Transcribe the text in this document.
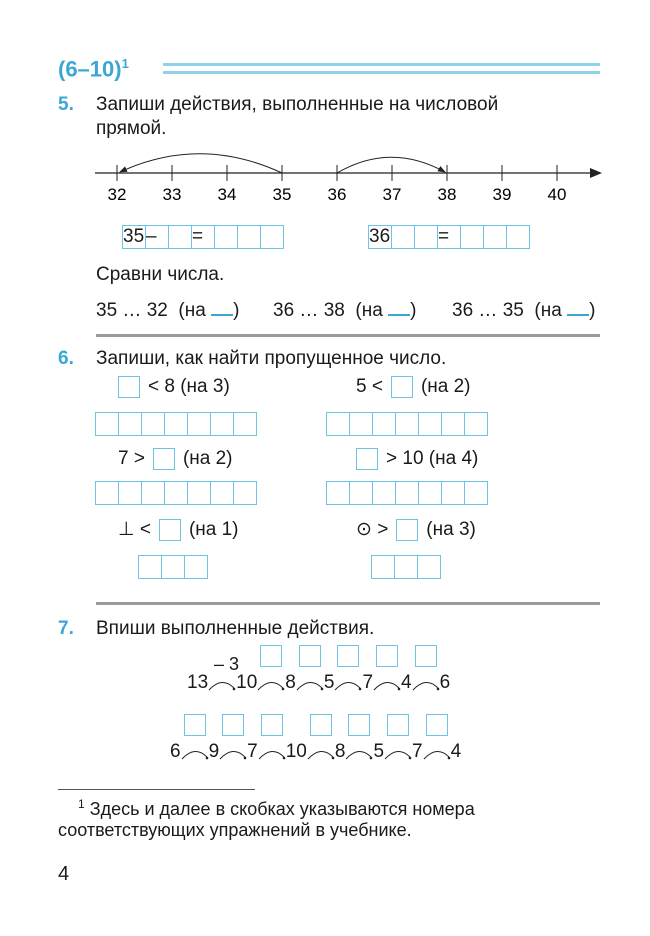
$(6-10)^1$
5. Запиши действия, выполненные на числовой
прямой.
32 33 34 35 36 37 38 39 40
35 –	=	36	=
Сравни числа.
6. Запиши, как найти пропущенное число.
7. Впиши выполненные действия.
– 3
$^1$ Здесь и далее в скобках указываются номера
соответствующих упражнений в учебнике.
4
35 … 32 (на ) 36 … 38 (на ) 36 … 35 (на )
< 8 (на 3)	5 < (на 2)
7 > (на 2)	> 10 (на 4)
⊥ < (на 1)	⊙ > (на 3)
13 10 8 5 7 4 6
6 9 7 10 8 5 7 4
